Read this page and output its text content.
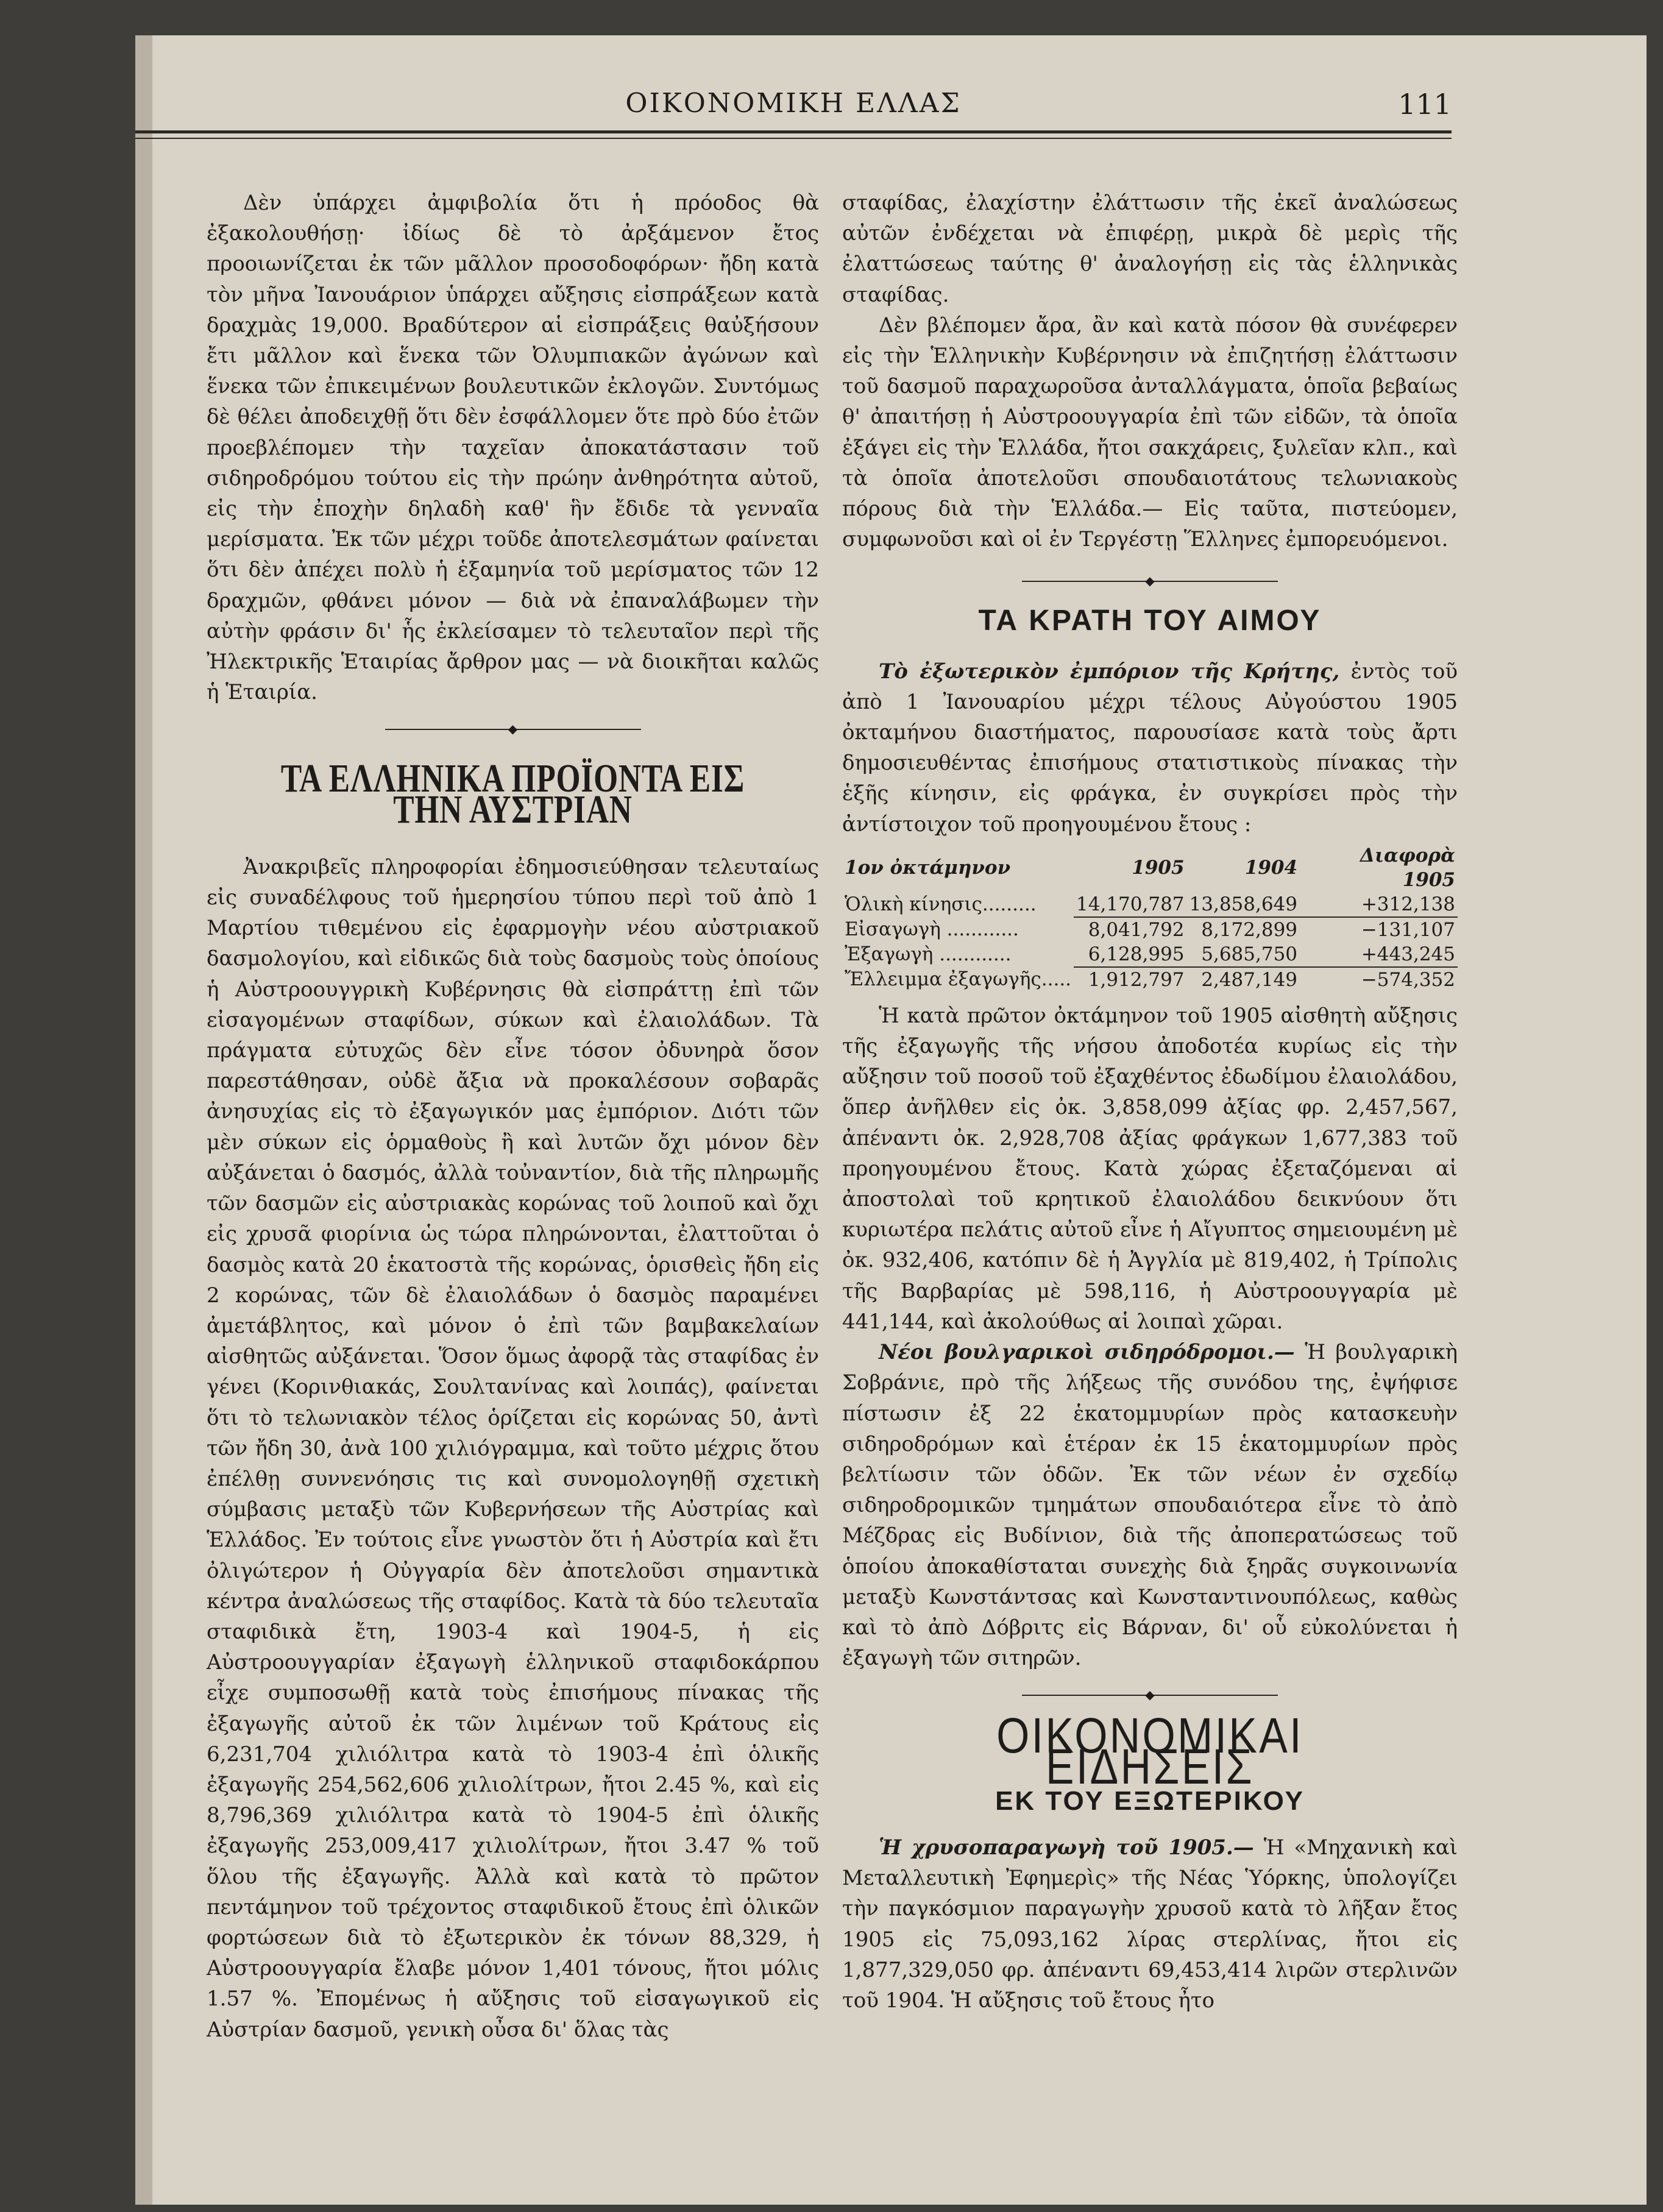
ΟΙΚΟΝΟΜΙΚΗ ΕΛΛΑΣ	111

Δὲν ὑπάρχει ἀμφιβολία ὅτι ἡ πρόοδος θὰ ἐξακολουθήσῃ· ἰδίως δὲ τὸ ἀρξάμενον ἔτος προοιωνίζεται ἐκ τῶν μᾶλλον προσοδοφόρων· ἤδη κατὰ τὸν μῆνα Ἰανουάριον ὑπάρχει αὔξησις εἰσπράξεων κατὰ δραχμὰς 19,000. Βραδύτερον αἱ εἰσπράξεις θαὐξήσουν ἔτι μᾶλλον καὶ ἕνεκα τῶν Ὀλυμπιακῶν ἀγώνων καὶ ἕνεκα τῶν ἐπικειμένων βουλευτικῶν ἐκλογῶν. Συντόμως δὲ θέλει ἀποδειχθῇ ὅτι δὲν ἐσφάλλομεν ὅτε πρὸ δύο ἐτῶν προεβλέπομεν τὴν ταχεῖαν ἀποκατάστασιν τοῦ σιδηροδρόμου τούτου εἰς τὴν πρώην ἀνθηρότητα αὐτοῦ, εἰς τὴν ἐποχὴν δηλαδὴ καθ' ἣν ἔδιδε τὰ γενναῖα μερίσματα. Ἐκ τῶν μέχρι τοῦδε ἀποτελεσμάτων φαίνεται ὅτι δὲν ἀπέχει πολὺ ἡ ἑξαμηνία τοῦ μερίσματος τῶν 12 δραχμῶν, φθάνει μόνον — διὰ νὰ ἐπαναλάβωμεν τὴν αὐτὴν φράσιν δι' ἧς ἐκλείσαμεν τὸ τελευταῖον περὶ τῆς Ἠλεκτρικῆς Ἑταιρίας ἄρθρον μας — νὰ διοικῆται καλῶς ἡ Ἑταιρία.

◆
ΤΑ ΕΛΛΗΝΙΚΑ ΠΡΟΪΟΝΤΑ ΕΙΣ ΤΗΝ ΑΥΣΤΡΙΑΝ

Ἀνακριβεῖς πληροφορίαι ἐδημοσιεύθησαν τελευταίως εἰς συναδέλφους τοῦ ἡμερησίου τύπου περὶ τοῦ ἀπὸ 1 Μαρτίου τιθεμένου εἰς ἐφαρμογὴν νέου αὐστριακοῦ δασμολογίου, καὶ εἰδικῶς διὰ τοὺς δασμοὺς τοὺς ὁποίους ἡ Αὐστροουγγρικὴ Κυβέρνησις θὰ εἰσπράττῃ ἐπὶ τῶν εἰσαγομένων σταφίδων, σύκων καὶ ἐλαιολάδων. Τὰ πράγματα εὐτυχῶς δὲν εἶνε τόσον ὀδυνηρὰ ὅσον παρεστάθησαν, οὐδὲ ἄξια νὰ προκαλέσουν σοβαρᾶς ἀνησυχίας εἰς τὸ ἐξαγωγικόν μας ἐμπόριον. Διότι τῶν μὲν σύκων εἰς ὁρμαθοὺς ἢ καὶ λυτῶν ὄχι μόνον δὲν αὐξάνεται ὁ δασμός, ἀλλὰ τοὐναντίον, διὰ τῆς πληρωμῆς τῶν δασμῶν εἰς αὐστριακὰς κορώνας τοῦ λοιποῦ καὶ ὄχι εἰς χρυσᾶ φιορίνια ὡς τώρα πληρώνονται, ἐλαττοῦται ὁ δασμὸς κατὰ 20 ἑκατοστὰ τῆς κορώνας, ὁρισθεὶς ἤδη εἰς 2 κορώνας, τῶν δὲ ἐλαιολάδων ὁ δασμὸς παραμένει ἀμετάβλητος, καὶ μόνον ὁ ἐπὶ τῶν βαμβακελαίων αἰσθητῶς αὐξάνεται. Ὅσον ὅμως ἀφορᾷ τὰς σταφίδας ἐν γένει (Κορινθιακάς, Σουλτανίνας καὶ λοιπάς), φαίνεται ὅτι τὸ τελωνιακὸν τέλος ὁρίζεται εἰς κορώνας 50, ἀντὶ τῶν ἤδη 30, ἀνὰ 100 χιλιόγραμμα, καὶ τοῦτο μέχρις ὅτου ἐπέλθῃ συννενόησις τις καὶ συνομολογηθῇ σχετικὴ σύμβασις μεταξὺ τῶν Κυβερνήσεων τῆς Αὐστρίας καὶ Ἑλλάδος. Ἐν τούτοις εἶνε γνωστὸν ὅτι ἡ Αὐστρία καὶ ἔτι ὀλιγώτερον ἡ Οὐγγαρία δὲν ἀποτελοῦσι σημαντικὰ κέντρα ἀναλώσεως τῆς σταφίδος. Κατὰ τὰ δύο τελευταῖα σταφιδικὰ ἔτη, 1903-4 καὶ 1904-5, ἡ εἰς Αὐστροουγγαρίαν ἐξαγωγὴ ἑλληνικοῦ σταφιδοκάρπου εἶχε συμποσωθῇ κατὰ τοὺς ἐπισήμους πίνακας τῆς ἐξαγωγῆς αὐτοῦ ἐκ τῶν λιμένων τοῦ Κράτους εἰς 6,231,704 χιλιόλιτρα κατὰ τὸ 1903-4 ἐπὶ ὁλικῆς ἐξαγωγῆς 254,562,606 χιλιολίτρων, ἤτοι 2.45 %, καὶ εἰς 8,796,369 χιλιόλιτρα κατὰ τὸ 1904-5 ἐπὶ ὁλικῆς ἐξαγωγῆς 253,009,417 χιλιολίτρων, ἤτοι 3.47 % τοῦ ὅλου τῆς ἐξαγωγῆς. Ἀλλὰ καὶ κατὰ τὸ πρῶτον πεντάμηνον τοῦ τρέχοντος σταφιδικοῦ ἔτους ἐπὶ ὁλικῶν φορτώσεων διὰ τὸ ἐξωτερικὸν ἐκ τόνων 88,329, ἡ Αὐστροουγγαρία ἔλαβε μόνον 1,401 τόνους, ἤτοι μόλις 1.57 %. Ἐπομένως ἡ αὔξησις τοῦ εἰσαγωγικοῦ εἰς Αὐστρίαν δασμοῦ, γενικὴ οὖσα δι' ὅλας τὰς

σταφίδας, ἐλαχίστην ἐλάττωσιν τῆς ἐκεῖ ἀναλώσεως αὐτῶν ἐνδέχεται νὰ ἐπιφέρῃ, μικρὰ δὲ μερὶς τῆς ἐλαττώσεως ταύτης θ' ἀναλογήσῃ εἰς τὰς ἑλληνικὰς σταφίδας.

Δὲν βλέπομεν ἄρα, ἂν καὶ κατὰ πόσον θὰ συνέφερεν εἰς τὴν Ἑλληνικὴν Κυβέρνησιν νὰ ἐπιζητήσῃ ἐλάττωσιν τοῦ δασμοῦ παραχωροῦσα ἀνταλλάγματα, ὁποῖα βεβαίως θ' ἀπαιτήσῃ ἡ Αὐστροουγγαρία ἐπὶ τῶν εἰδῶν, τὰ ὁποῖα ἐξάγει εἰς τὴν Ἑλλάδα, ἤτοι σακχάρεις, ξυλεῖαν κλπ., καὶ τὰ ὁποῖα ἀποτελοῦσι σπουδαιοτάτους τελωνιακοὺς πόρους διὰ τὴν Ἑλλάδα.— Εἰς ταῦτα, πιστεύομεν, συμφωνοῦσι καὶ οἱ ἐν Τεργέστῃ Ἕλληνες ἐμπορευόμενοι.

◆
ΤΑ ΚΡΑΤΗ ΤΟΥ ΑΙΜΟΥ

Τὸ ἐξωτερικὸν ἐμπόριον τῆς Κρήτης, ἐντὸς τοῦ ἀπὸ 1 Ἰανουαρίου μέχρι τέλους Αὐγούστου 1905 ὀκταμήνου διαστήματος, παρουσίασε κατὰ τοὺς ἄρτι δημοσιευθέντας ἐπισήμους στατιστικοὺς πίνακας τὴν ἑξῆς κίνησιν, εἰς φράγκα, ἐν συγκρίσει πρὸς τὴν ἀντίστοιχον τοῦ προηγουμένου ἔτους :

1ον ὀκτάμηνον	1905	1904	Διαφορὰ 1905
Ὁλικὴ κίνησις.........	14,170,787	13,858,649	+312,138
Εἰσαγωγὴ ............	8,041,792	8,172,899	−131,107
Ἐξαγωγὴ ............	6,128,995	5,685,750	+443,245
Ἔλλειμμα ἐξαγωγῆς.....	1,912,797	2,487,149	−574,352

Ἡ κατὰ πρῶτον ὀκτάμηνον τοῦ 1905 αἰσθητὴ αὔξησις τῆς ἐξαγωγῆς τῆς νήσου ἀποδοτέα κυρίως εἰς τὴν αὔξησιν τοῦ ποσοῦ τοῦ ἐξαχθέντος ἐδωδίμου ἐλαιολάδου, ὅπερ ἀνῆλθεν εἰς ὀκ. 3,858,099 ἀξίας φρ. 2,457,567, ἀπέναντι ὀκ. 2,928,708 ἀξίας φράγκων 1,677,383 τοῦ προηγουμένου ἔτους. Κατὰ χώρας ἐξεταζόμεναι αἱ ἀποστολαὶ τοῦ κρητικοῦ ἐλαιολάδου δεικνύουν ὅτι κυριωτέρα πελάτις αὐτοῦ εἶνε ἡ Αἴγυπτος σημειουμένη μὲ ὀκ. 932,406, κατόπιν δὲ ἡ Ἀγγλία μὲ 819,402, ἡ Τρίπολις τῆς Βαρβαρίας μὲ 598,116, ἡ Αὐστροουγγαρία μὲ 441,144, καὶ ἀκολούθως αἱ λοιπαὶ χῶραι.

Νέοι βουλγαρικοὶ σιδηρόδρομοι.— Ἡ βουλγαρικὴ Σοβράνιε, πρὸ τῆς λήξεως τῆς συνόδου της, ἐψήφισε πίστωσιν ἐξ 22 ἑκατομμυρίων πρὸς κατασκευὴν σιδηροδρόμων καὶ ἑτέραν ἐκ 15 ἑκατομμυρίων πρὸς βελτίωσιν τῶν ὁδῶν. Ἐκ τῶν νέων ἐν σχεδίῳ σιδηροδρομικῶν τμημάτων σπουδαιότερα εἶνε τὸ ἀπὸ Μέζδρας εἰς Βυδίνιον, διὰ τῆς ἀποπερατώσεως τοῦ ὁποίου ἀποκαθίσταται συνεχὴς διὰ ξηρᾶς συγκοινωνία μεταξὺ Κωνστάντσας καὶ Κωνσταντινουπόλεως, καθὼς καὶ τὸ ἀπὸ Δόβριτς εἰς Βάρναν, δι' οὗ εὐκολύνεται ἡ ἐξαγωγὴ τῶν σιτηρῶν.

◆
ΟΙΚΟΝΟΜΙΚΑΙ ΕΙΔΗΣΕΙΣ
ΕΚ ΤΟΥ ΕΞΩΤΕΡΙΚΟΥ

Ἡ χρυσοπαραγωγὴ τοῦ 1905.— Ἡ «Μηχανικὴ καὶ Μεταλλευτικὴ Ἐφημερὶς» τῆς Νέας Ὑόρκης, ὑπολογίζει τὴν παγκόσμιον παραγωγὴν χρυσοῦ κατὰ τὸ λῆξαν ἔτος 1905 εἰς 75,093,162 λίρας στερλίνας, ἤτοι εἰς 1,877,329,050 φρ. ἀπέναντι 69,453,414 λιρῶν στερλινῶν τοῦ 1904. Ἡ αὔξησις τοῦ ἔτους ἦτο
